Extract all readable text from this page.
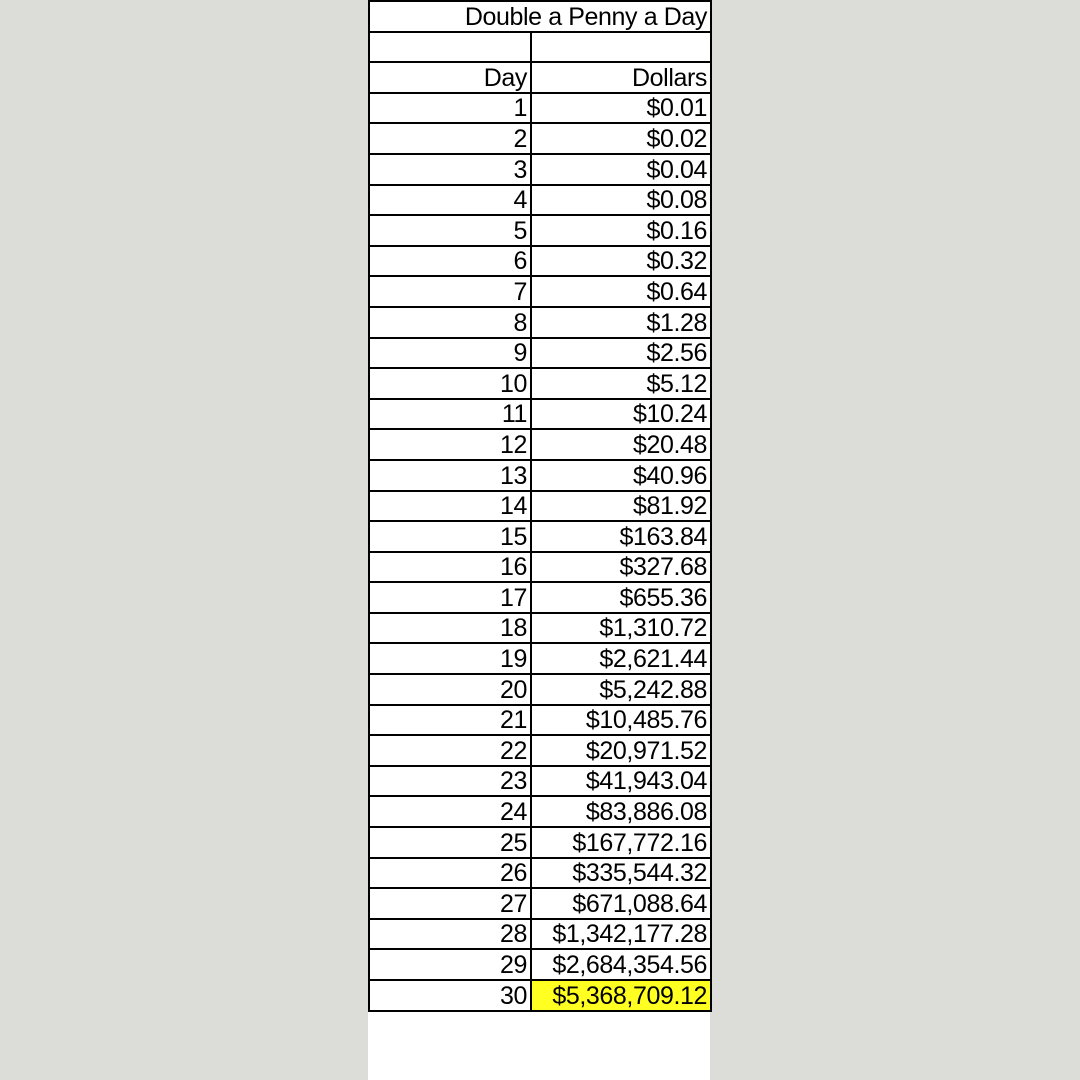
Double a Penny a Day	

Day	Dollars
1	$0.01
2	$0.02
3	$0.04
4	$0.08
5	$0.16
6	$0.32
7	$0.64
8	$1.28
9	$2.56
10	$5.12
11	$10.24
12	$20.48
13	$40.96
14	$81.92
15	$163.84
16	$327.68
17	$655.36
18	$1,310.72
19	$2,621.44
20	$5,242.88
21	$10,485.76
22	$20,971.52
23	$41,943.04
24	$83,886.08
25	$167,772.16
26	$335,544.32
27	$671,088.64
28	$1,342,177.28
29	$2,684,354.56
30	$5,368,709.12
